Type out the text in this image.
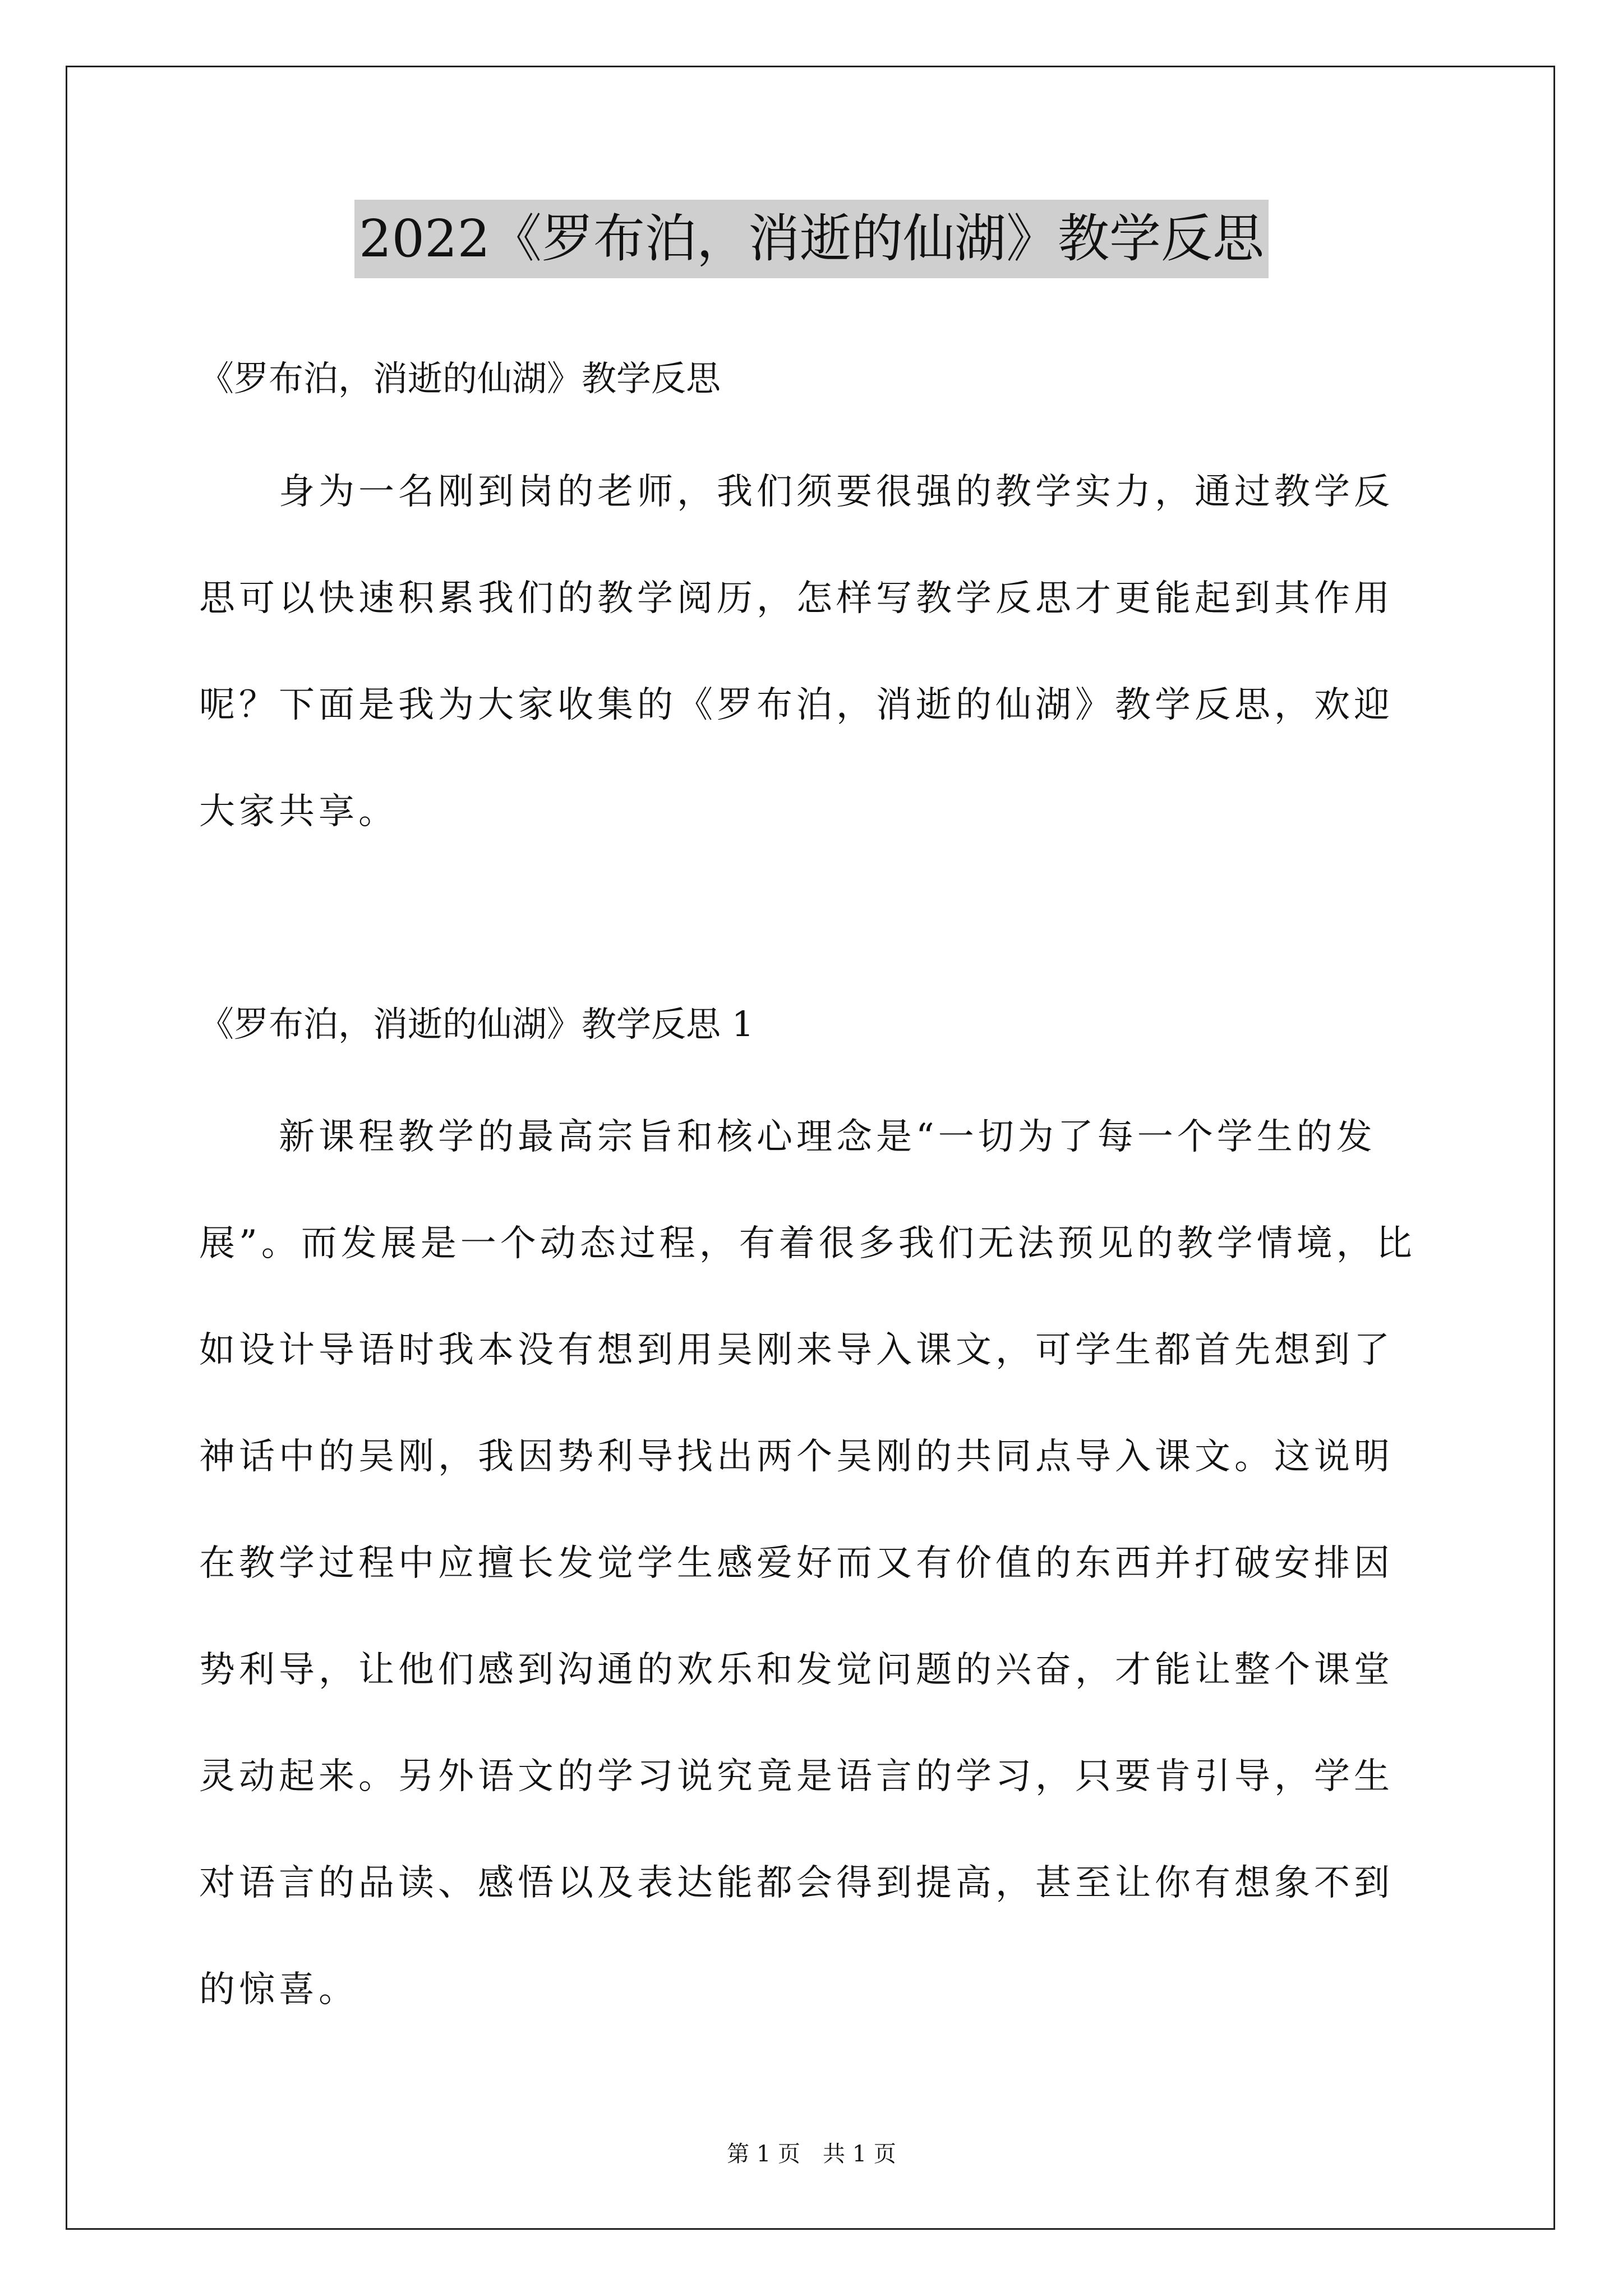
2022《罗布泊，消逝的仙湖》教学反思
《罗布泊，消逝的仙湖》教学反思
　　身为一名刚到岗的老师，我们须要很强的教学实力，通过教学反
思可以快速积累我们的教学阅历，怎样写教学反思才更能起到其作用
呢？下面是我为大家收集的《罗布泊，消逝的仙湖》教学反思，欢迎
大家共享。
《罗布泊，消逝的仙湖》教学反思 1
　　新课程教学的最高宗旨和核心理念是“一切为了每一个学生的发
展”。而发展是一个动态过程，有着很多我们无法预见的教学情境，比
如设计导语时我本没有想到用吴刚来导入课文，可学生都首先想到了
神话中的吴刚，我因势利导找出两个吴刚的共同点导入课文。这说明
在教学过程中应擅长发觉学生感爱好而又有价值的东西并打破安排因
势利导，让他们感到沟通的欢乐和发觉问题的兴奋，才能让整个课堂
灵动起来。另外语文的学习说究竟是语言的学习，只要肯引导，学生
对语言的品读、感悟以及表达能都会得到提高，甚至让你有想象不到
的惊喜。
第 1 页　共 1 页
